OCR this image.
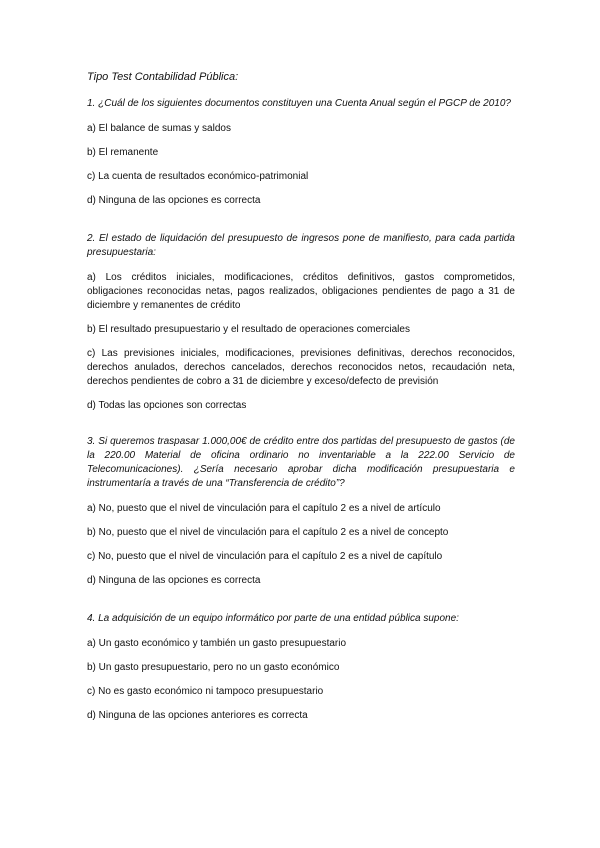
Tipo Test Contabilidad Pública:

1. ¿Cuál de los siguientes documentos constituyen una Cuenta Anual según el PGCP de 2010?

a) El balance de sumas y saldos

b) El remanente

c) La cuenta de resultados económico-patrimonial

d) Ninguna de las opciones es correcta

2. El estado de liquidación del presupuesto de ingresos pone de manifiesto, para cada partida presupuestaria:

a) Los créditos iniciales, modificaciones, créditos definitivos, gastos comprometidos, obligaciones reconocidas netas, pagos realizados, obligaciones pendientes de pago a 31 de diciembre y remanentes de crédito

b) El resultado presupuestario y el resultado de operaciones comerciales

c) Las previsiones iniciales, modificaciones, previsiones definitivas, derechos reconocidos, derechos anulados, derechos cancelados, derechos reconocidos netos, recaudación neta, derechos pendientes de cobro a 31 de diciembre y exceso/defecto de previsión

d) Todas las opciones son correctas

3. Si queremos traspasar 1.000,00€ de crédito entre dos partidas del presupuesto de gastos (de la 220.00 Material de oficina ordinario no inventariable a la 222.00 Servicio de Telecomunicaciones). ¿Sería necesario aprobar dicha modificación presupuestaria e instrumentaría a través de una “Transferencia de crédito”?

a) No, puesto que el nivel de vinculación para el capítulo 2 es a nivel de artículo

b) No, puesto que el nivel de vinculación para el capítulo 2 es a nivel de concepto

c) No, puesto que el nivel de vinculación para el capítulo 2 es a nivel de capítulo

d) Ninguna de las opciones es correcta

4. La adquisición de un equipo informático por parte de una entidad pública supone:

a) Un gasto económico y también un gasto presupuestario

b) Un gasto presupuestario, pero no un gasto económico

c) No es gasto económico ni tampoco presupuestario

d) Ninguna de las opciones anteriores es correcta
